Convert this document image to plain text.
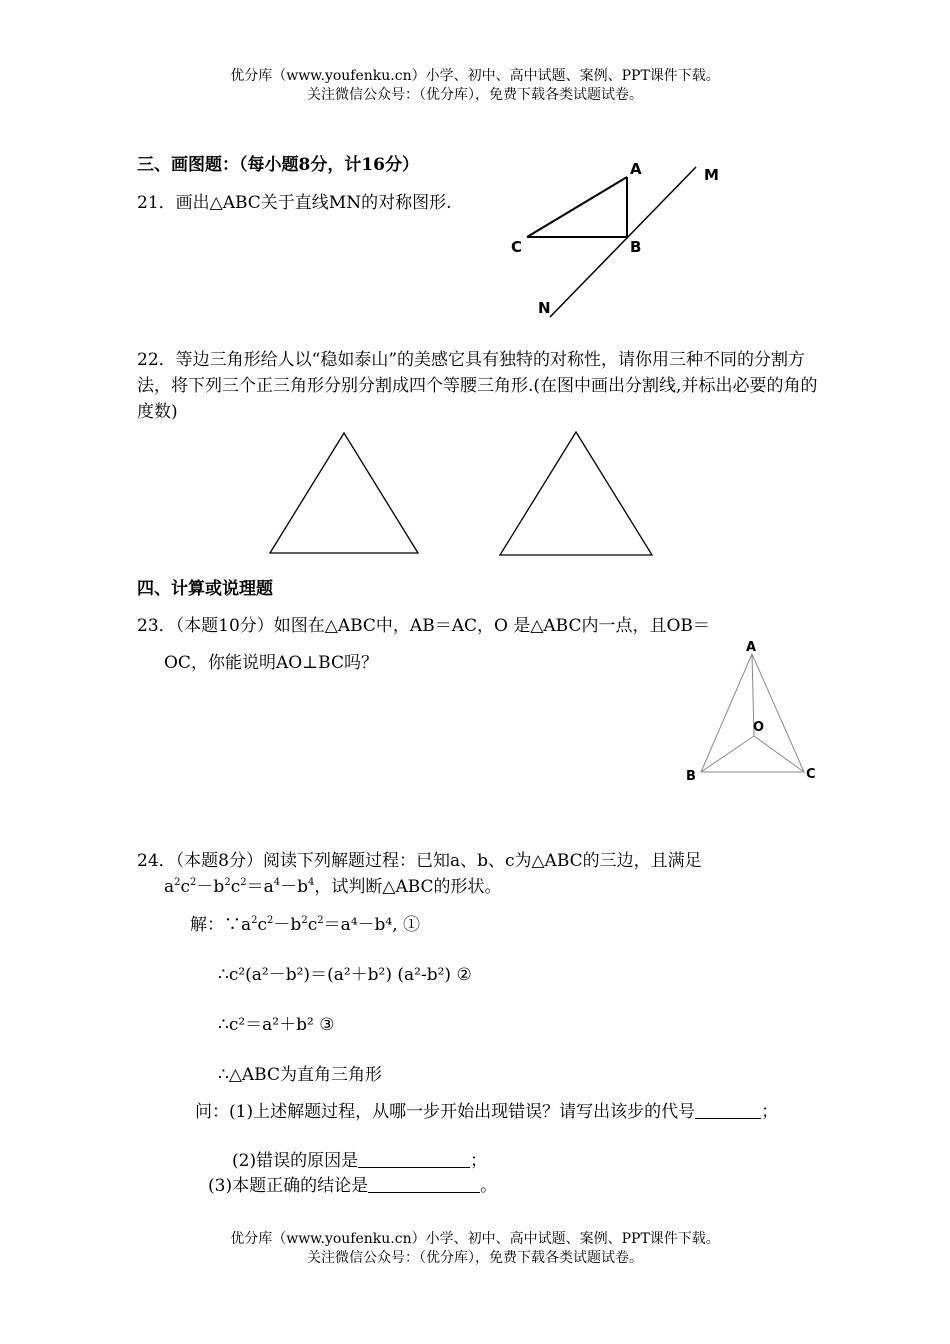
优分库（www.youfenku.cn）小学、初中、高中试题、案例、PPT课件下载。
关注微信公众号：（优分库），免费下载各类试题试卷。
三、画图题：（每小题8分，计16分）
21．画出△ABC关于直线MN的对称图形.
A
B
C
M
N
22．等边三角形给人以“稳如泰山”的美感它具有独特的对称性，请你用三种不同的分割方法，将下列三个正三角形分别分割成四个等腰三角形.(在图中画出分割线,并标出必要的角的度数)
四、计算或说理题
23．（本题10分）如图在△ABC中，AB＝AC，O 是△ABC内一点，且OB＝
OC，你能说明AO⊥BC吗？
A
O
B	C
24．（本题8分）阅读下列解题过程：已知a、b、c为△ABC的三边，且满足
$a^2c^2-b^2c^2=a^4-b^4$，试判断△ABC的形状。
解：$\because a^2c^2-b^2c^2=a^4-b^4$, ①
∴c²(a²－b²)＝(a²＋b²) (a²-b²) ②
∴c²＝a²＋b² ③
∴△ABC为直角三角形
问：(1)上述解题过程，从哪一步开始出现错误？请写出该步的代号	；
(2)错误的原因是	；
(3)本题正确的结论是	。
优分库（www.youfenku.cn）小学、初中、高中试题、案例、PPT课件下载。
关注微信公众号：（优分库），免费下载各类试题试卷。
